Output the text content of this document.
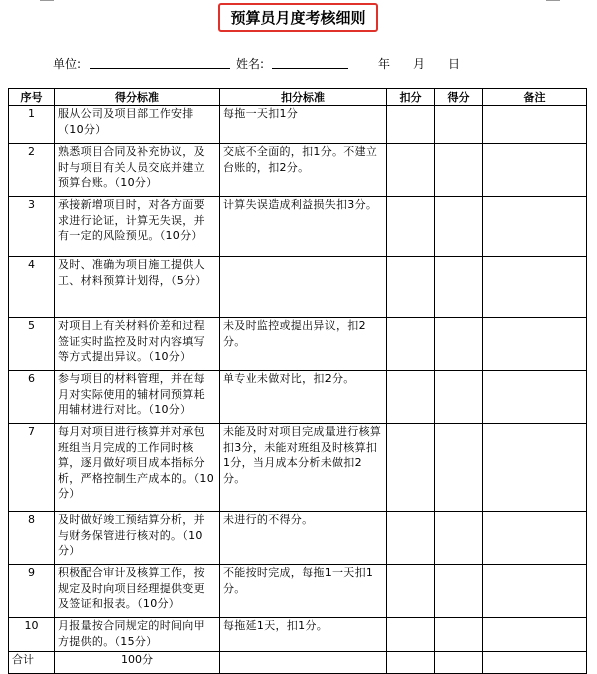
预算员月度考核细则
单位:	姓名:	年 月 日
序号	得分标准	扣分标准	扣分	得分	备注
1	服从公司及项目部工作安排（10分）	每拖一天扣1分			
2	熟悉项目合同及补充协议，及时与项目有关人员交底并建立预算台账。（10分）	交底不全面的，扣1分。不建立台账的，扣2分。			
3	承接新增项目时，对各方面要求进行论证，计算无失误，并有一定的风险预见。（10分）	计算失误造成利益损失扣3分。			
4	及时、准确为项目施工提供人工、材料预算计划得，（5分）				
5	对项目上有关材料价差和过程签证实时监控及时对内容填写等方式提出异议。（10分）	未及时监控或提出异议，扣2分。			
6	参与项目的材料管理，并在每月对实际使用的辅材同预算耗用辅材进行对比。（10分）	单专业未做对比，扣2分。			
7	每月对项目进行核算并对承包班组当月完成的工作同时核算，逐月做好项目成本指标分析，严格控制生产成本的。（10分）	未能及时对项目完成量进行核算扣3分，未能对班组及时核算扣1分，当月成本分析未做扣2分。			
8	及时做好竣工预结算分析，并与财务保管进行核对的。（10分）	未进行的不得分。			
9	积极配合审计及核算工作，按规定及时向项目经理提供变更及签证和报表。（10分）	不能按时完成，每拖1一天扣1分。			
10	月报量按合同规定的时间向甲方提供的。（15分）	每拖延1天，扣1分。			
合计	100分				
